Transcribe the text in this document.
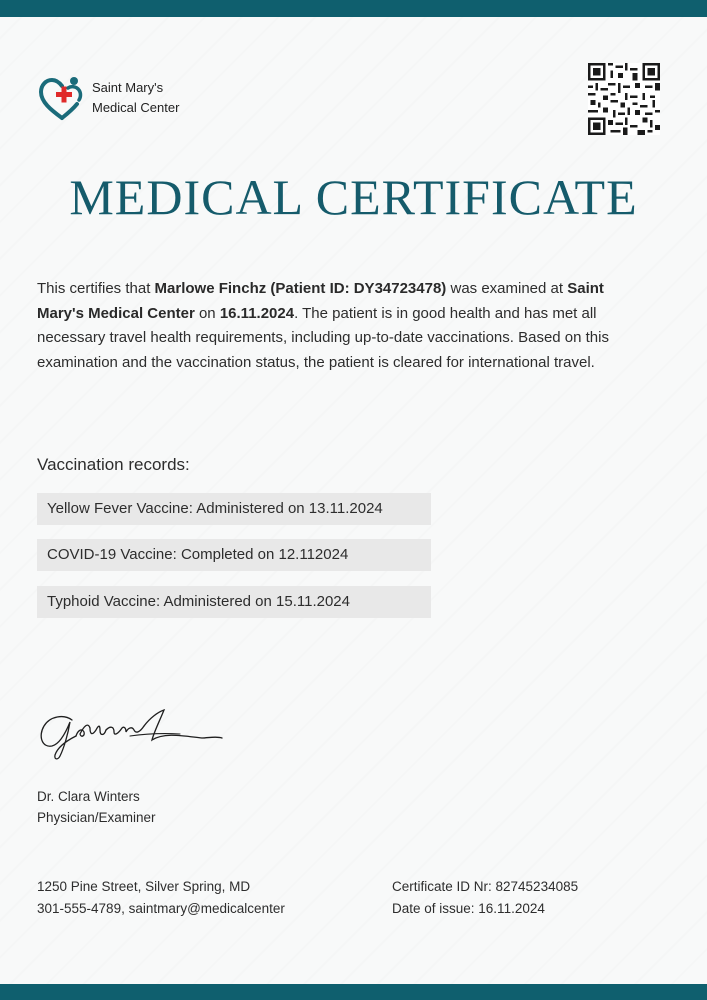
Saint Mary's
Medical Center
MEDICAL CERTIFICATE
This certifies that Marlowe Finchz (Patient ID: DY34723478) was examined at Saint Mary's Medical Center on 16.11.2024. The patient is in good health and has met all necessary travel health requirements, including up-to-date vaccinations. Based on this examination and the vaccination status, the patient is cleared for international travel.
Vaccination records:
Yellow Fever Vaccine: Administered on 13.11.2024
COVID-19 Vaccine: Completed on 12.112024
Typhoid Vaccine: Administered on 15.11.2024
Dr. Clara Winters
Physician/Examiner
1250 Pine Street, Silver Spring, MD
301-555-4789, saintmary@medicalcenter
Certificate ID Nr: 82745234085
Date of issue: 16.11.2024
